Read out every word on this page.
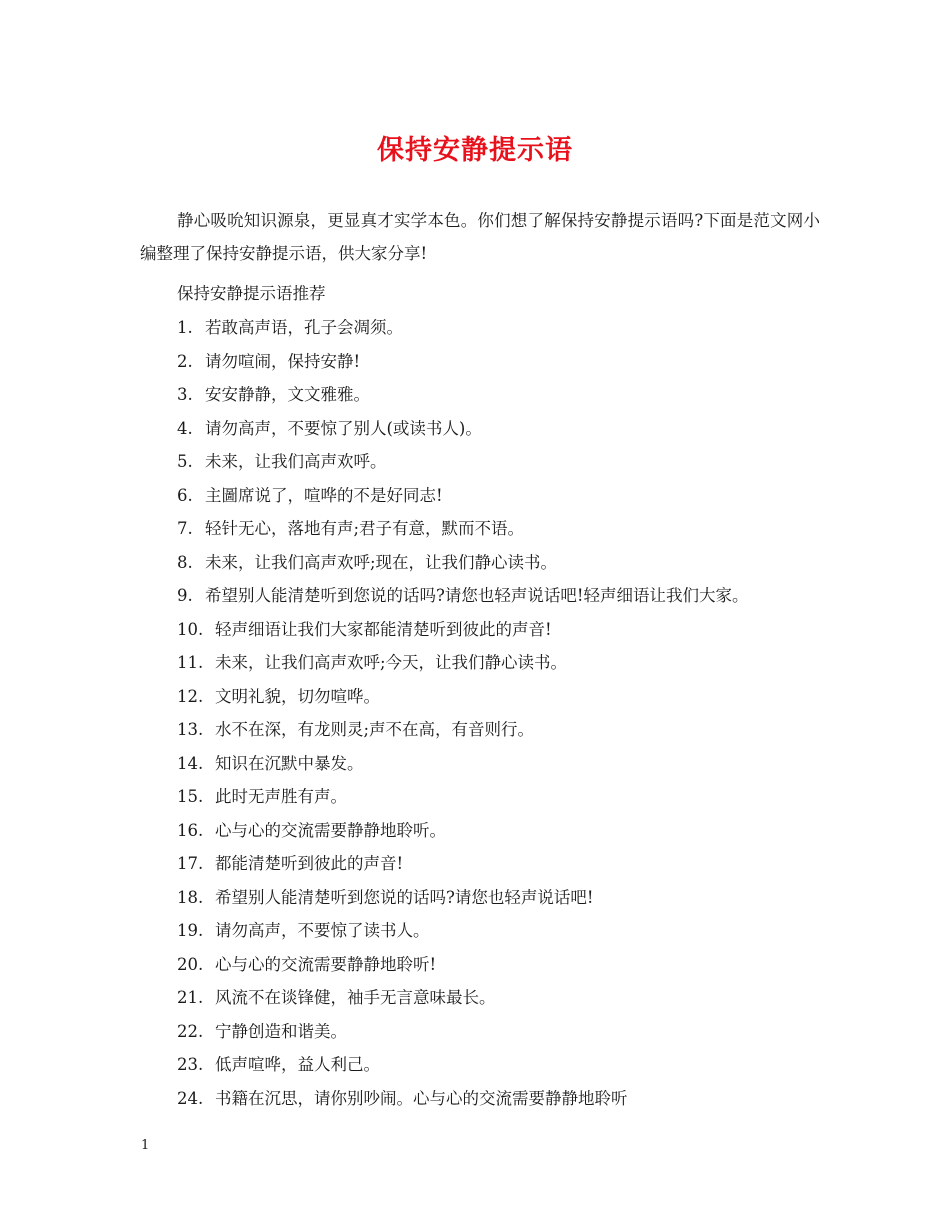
保持安静提示语

静心吸吮知识源泉，更显真才实学本色。你们想了解保持安静提示语吗?下面是范文网小编整理了保持安静提示语，供大家分享!

保持安静提示语推荐

1. 若敢高声语，孔子会凋须。
2. 请勿喧闹，保持安静!
3. 安安静静，文文雅雅。
4. 请勿高声，不要惊了别人(或读书人)。
5. 未来，让我们高声欢呼。
6. 主圖席说了，喧哗的不是好同志!
7. 轻针无心，落地有声;君子有意，默而不语。
8. 未来，让我们高声欢呼;现在，让我们静心读书。
9. 希望别人能清楚听到您说的话吗?请您也轻声说话吧!轻声细语让我们大家。
10. 轻声细语让我们大家都能清楚听到彼此的声音!
11. 未来，让我们高声欢呼;今天，让我们静心读书。
12. 文明礼貌，切勿喧哗。
13. 水不在深，有龙则灵;声不在高，有音则行。
14. 知识在沉默中暴发。
15. 此时无声胜有声。
16. 心与心的交流需要静静地聆听。
17. 都能清楚听到彼此的声音!
18. 希望别人能清楚听到您说的话吗?请您也轻声说话吧!
19. 请勿高声，不要惊了读书人。
20. 心与心的交流需要静静地聆听!
21. 风流不在谈锋健，袖手无言意味最长。
22. 宁静创造和谐美。
23. 低声喧哗，益人利己。
24. 书籍在沉思，请你别吵闹。心与心的交流需要静静地聆听

1
